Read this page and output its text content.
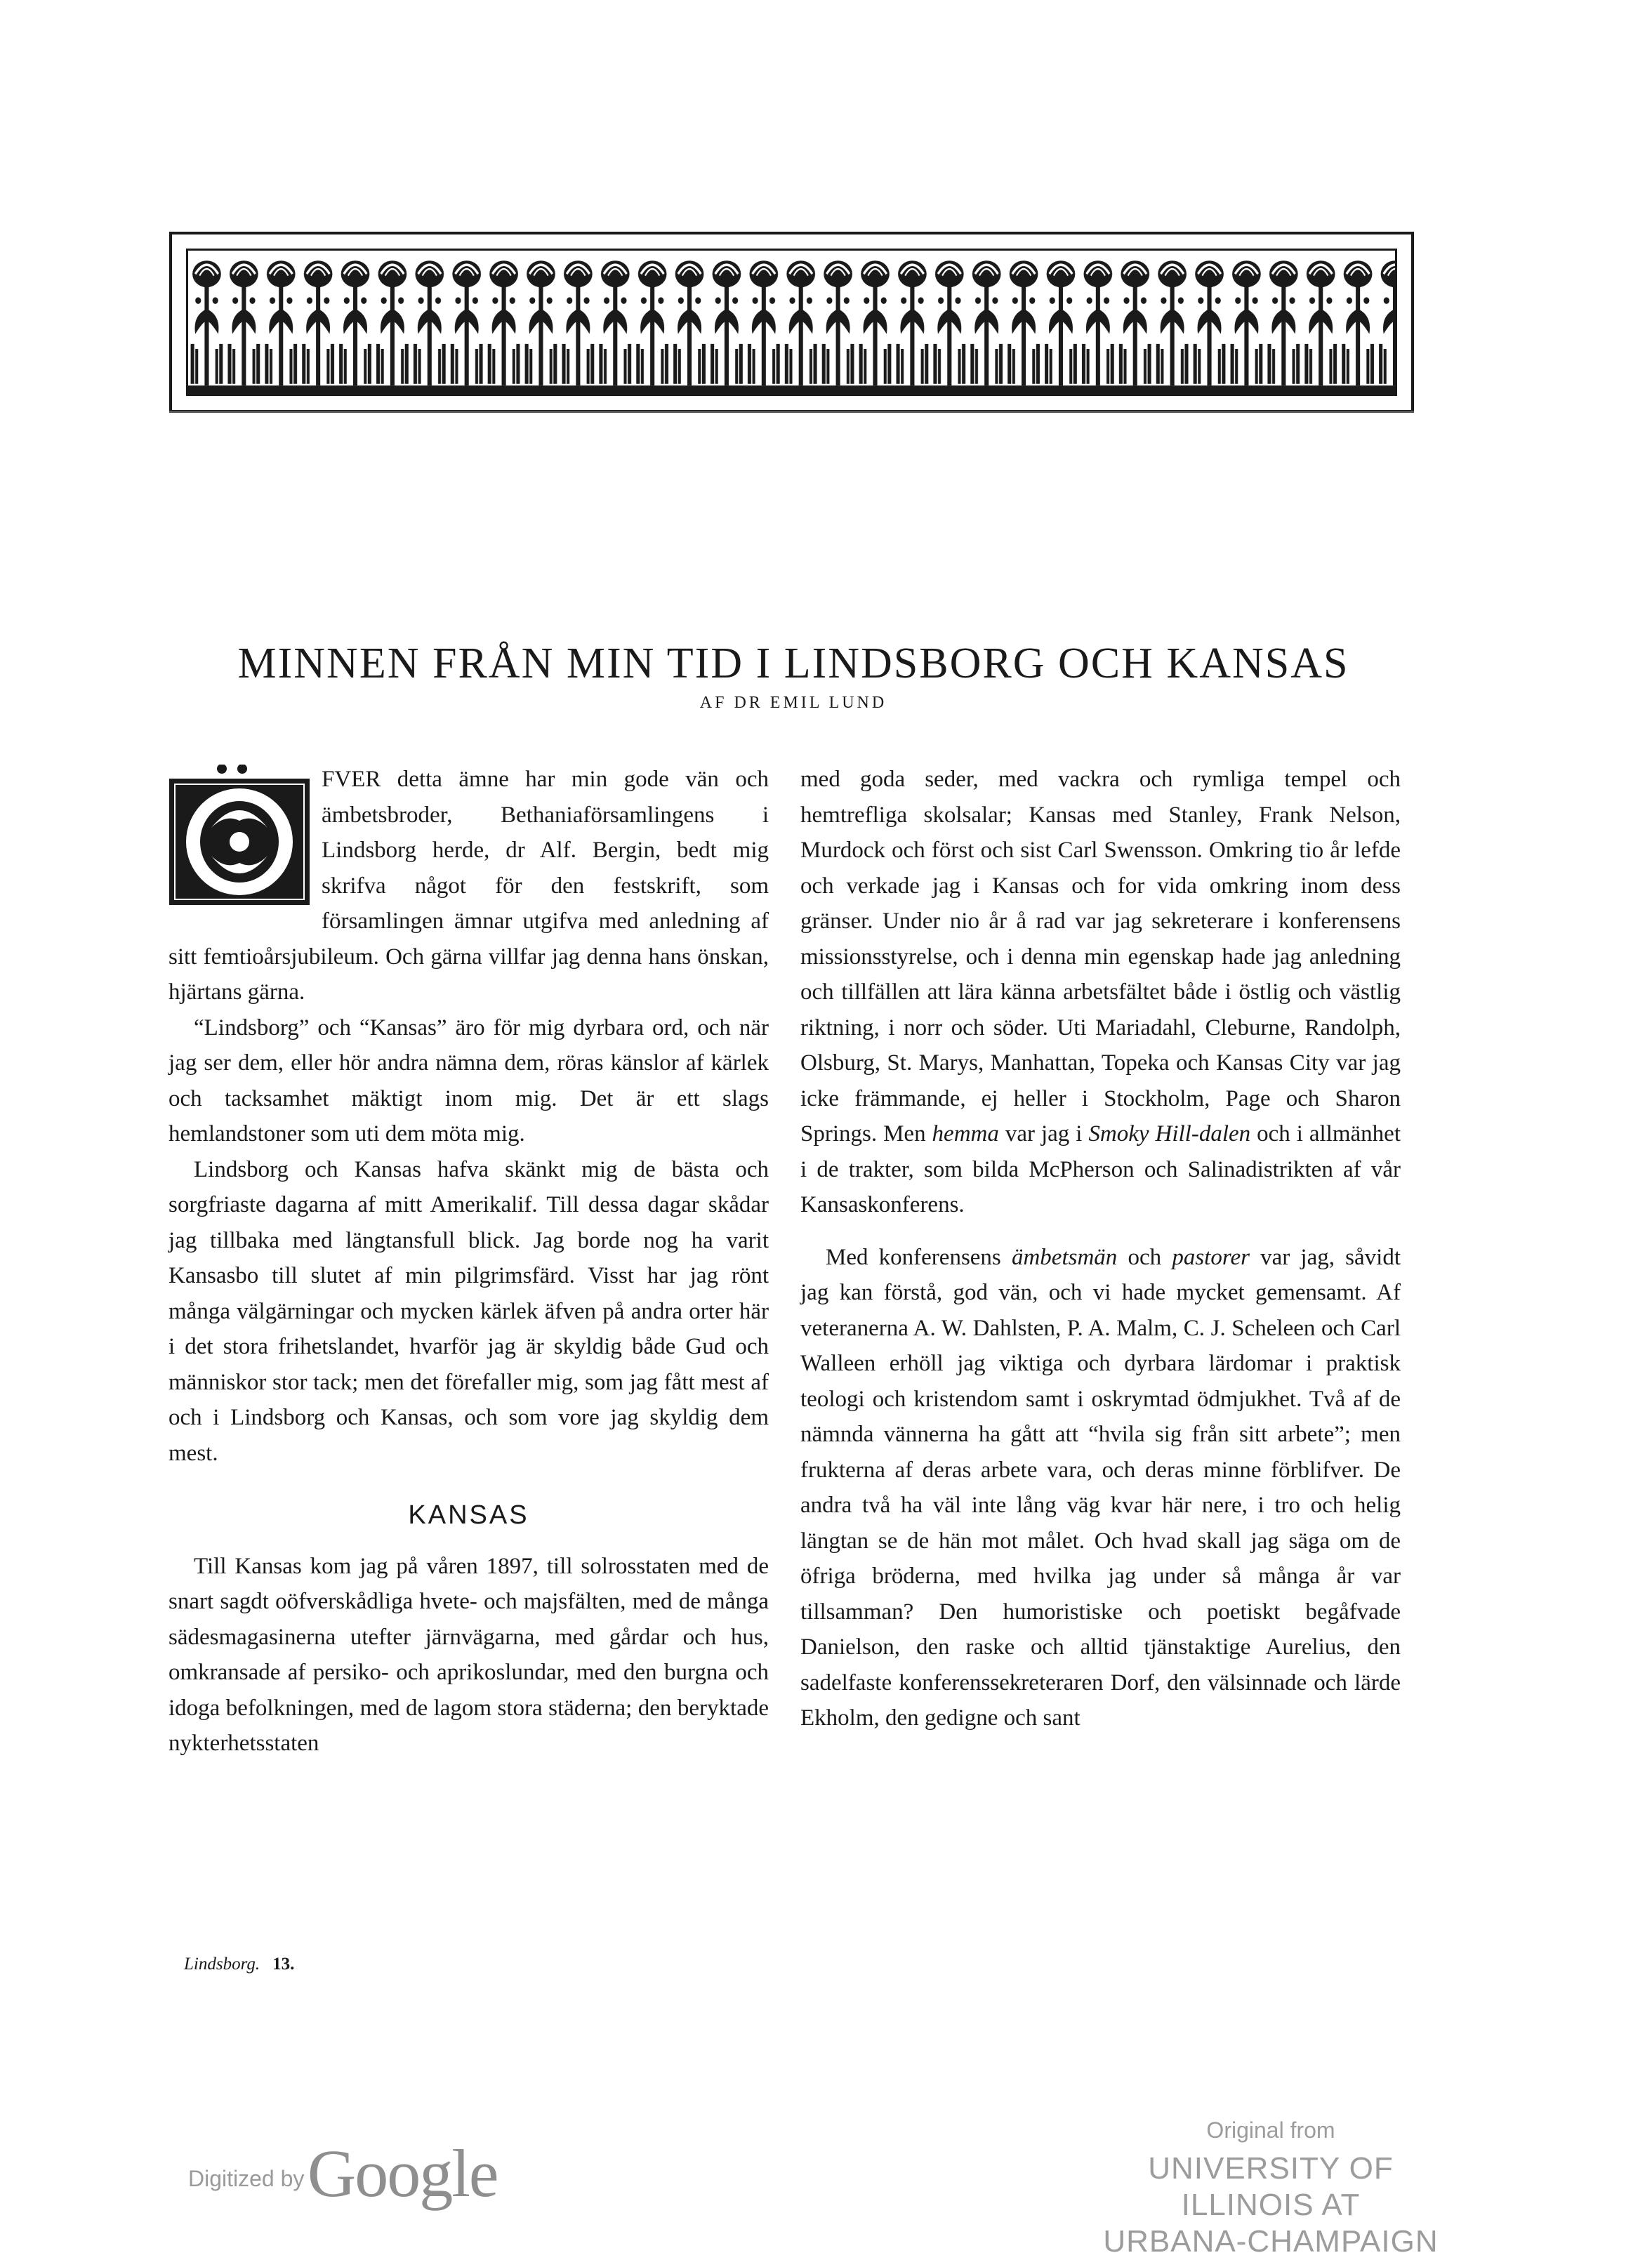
MINNEN FRÅN MIN TID I LINDSBORG OCH KANSAS
AF DR EMIL LUND

FVER detta ämne har min gode vän och ämbetsbroder, Bethaniaförsamlingens i Lindsborg herde, dr Alf. Bergin, bedt mig skrifva något för den festskrift, som församlingen ämnar utgifva med anledning af sitt femtioårsjubileum. Och gärna villfar jag denna hans önskan, hjärtans gärna.

“Lindsborg” och “Kansas” äro för mig dyrbara ord, och när jag ser dem, eller hör andra nämna dem, röras känslor af kärlek och tacksamhet mäktigt inom mig. Det är ett slags hemlandstoner som uti dem möta mig.

Lindsborg och Kansas hafva skänkt mig de bästa och sorgfriaste dagarna af mitt Amerikalif. Till dessa dagar skådar jag tillbaka med längtansfull blick. Jag borde nog ha varit Kansasbo till slutet af min pilgrimsfärd. Visst har jag rönt många välgärningar och mycken kärlek äfven på andra orter här i det stora frihetslandet, hvarför jag är skyldig både Gud och människor stor tack; men det förefaller mig, som jag fått mest af och i Lindsborg och Kansas, och som vore jag skyldig dem mest.

KANSAS

Till Kansas kom jag på våren 1897, till solrosstaten med de snart sagdt oöfverskådliga hvete- och majsfälten, med de många sädesmagasinerna utefter järnvägarna, med gårdar och hus, omkransade af persiko- och aprikoslundar, med den burgna och idoga befolkningen, med de lagom stora städerna; den beryktade nykterhetsstaten

med goda seder, med vackra och rymliga tempel och hemtrefliga skolsalar; Kansas med Stanley, Frank Nelson, Murdock och först och sist Carl Swensson. Omkring tio år lefde och verkade jag i Kansas och for vida omkring inom dess gränser. Under nio år å rad var jag sekreterare i konferensens missionsstyrelse, och i denna min egenskap hade jag anledning och tillfällen att lära känna arbetsfältet både i östlig och västlig riktning, i norr och söder. Uti Mariadahl, Cleburne, Randolph, Olsburg, St. Marys, Manhattan, Topeka och Kansas City var jag icke främmande, ej heller i Stockholm, Page och Sharon Springs. Men hemma var jag i Smoky Hill-dalen och i allmänhet i de trakter, som bilda McPherson och Salinadistrikten af vår Kansaskonferens.

Med konferensens ämbetsmän och pastorer var jag, såvidt jag kan förstå, god vän, och vi hade mycket gemensamt. Af veteranerna A. W. Dahlsten, P. A. Malm, C. J. Scheleen och Carl Walleen erhöll jag viktiga och dyrbara lärdomar i praktisk teologi och kristendom samt i oskrymtad ödmjukhet. Två af de nämnda vännerna ha gått att “hvila sig från sitt arbete”; men frukterna af deras arbete vara, och deras minne förblifver. De andra två ha väl inte lång väg kvar här nere, i tro och helig längtan se de hän mot målet. Och hvad skall jag säga om de öfriga bröderna, med hvilka jag under så många år var tillsamman? Den humoristiske och poetiskt begåfvade Danielson, den raske och alltid tjänstaktige Aurelius, den sadelfaste konferenssekreteraren Dorf, den välsinnade och lärde Ekholm, den gedigne och sant

Lindsborg. 13.
Digitized by Google
Original from
UNIVERSITY OF ILLINOIS AT
URBANA-CHAMPAIGN
